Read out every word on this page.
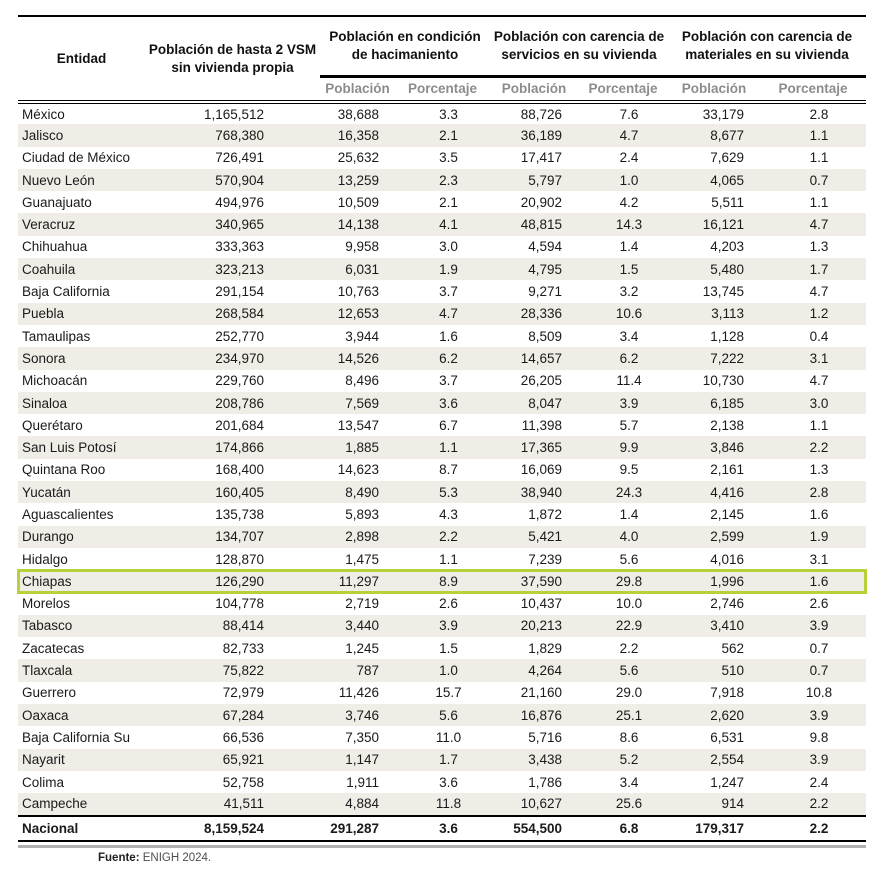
Entidad	Población de hasta 2 VSM sin vivienda propia	Población en condición de hacimaniento		Población con carencia de servicios en su vivienda		Población con carencia de materiales en su vivienda	
		Población	Porcentaje	Población	Porcentaje	Población	Porcentaje
México	1,165,512	38,688	3.3	88,726	7.6	33,179	2.8
Jalisco	768,380	16,358	2.1	36,189	4.7	8,677	1.1
Ciudad de México	726,491	25,632	3.5	17,417	2.4	7,629	1.1
Nuevo León	570,904	13,259	2.3	5,797	1.0	4,065	0.7
Guanajuato	494,976	10,509	2.1	20,902	4.2	5,511	1.1
Veracruz	340,965	14,138	4.1	48,815	14.3	16,121	4.7
Chihuahua	333,363	9,958	3.0	4,594	1.4	4,203	1.3
Coahuila	323,213	6,031	1.9	4,795	1.5	5,480	1.7
Baja California	291,154	10,763	3.7	9,271	3.2	13,745	4.7
Puebla	268,584	12,653	4.7	28,336	10.6	3,113	1.2
Tamaulipas	252,770	3,944	1.6	8,509	3.4	1,128	0.4
Sonora	234,970	14,526	6.2	14,657	6.2	7,222	3.1
Michoacán	229,760	8,496	3.7	26,205	11.4	10,730	4.7
Sinaloa	208,786	7,569	3.6	8,047	3.9	6,185	3.0
Querétaro	201,684	13,547	6.7	11,398	5.7	2,138	1.1
San Luis Potosí	174,866	1,885	1.1	17,365	9.9	3,846	2.2
Quintana Roo	168,400	14,623	8.7	16,069	9.5	2,161	1.3
Yucatán	160,405	8,490	5.3	38,940	24.3	4,416	2.8
Aguascalientes	135,738	5,893	4.3	1,872	1.4	2,145	1.6
Durango	134,707	2,898	2.2	5,421	4.0	2,599	1.9
Hidalgo	128,870	1,475	1.1	7,239	5.6	4,016	3.1
Chiapas	126,290	11,297	8.9	37,590	29.8	1,996	1.6
Morelos	104,778	2,719	2.6	10,437	10.0	2,746	2.6
Tabasco	88,414	3,440	3.9	20,213	22.9	3,410	3.9
Zacatecas	82,733	1,245	1.5	1,829	2.2	562	0.7
Tlaxcala	75,822	787	1.0	4,264	5.6	510	0.7
Guerrero	72,979	11,426	15.7	21,160	29.0	7,918	10.8
Oaxaca	67,284	3,746	5.6	16,876	25.1	2,620	3.9
Baja California Su	66,536	7,350	11.0	5,716	8.6	6,531	9.8
Nayarit	65,921	1,147	1.7	3,438	5.2	2,554	3.9
Colima	52,758	1,911	3.6	1,786	3.4	1,247	2.4
Campeche	41,511	4,884	11.8	10,627	25.6	914	2.2
Nacional	8,159,524	291,287	3.6	554,500	6.8	179,317	2.2
Fuente: ENIGH 2024.
